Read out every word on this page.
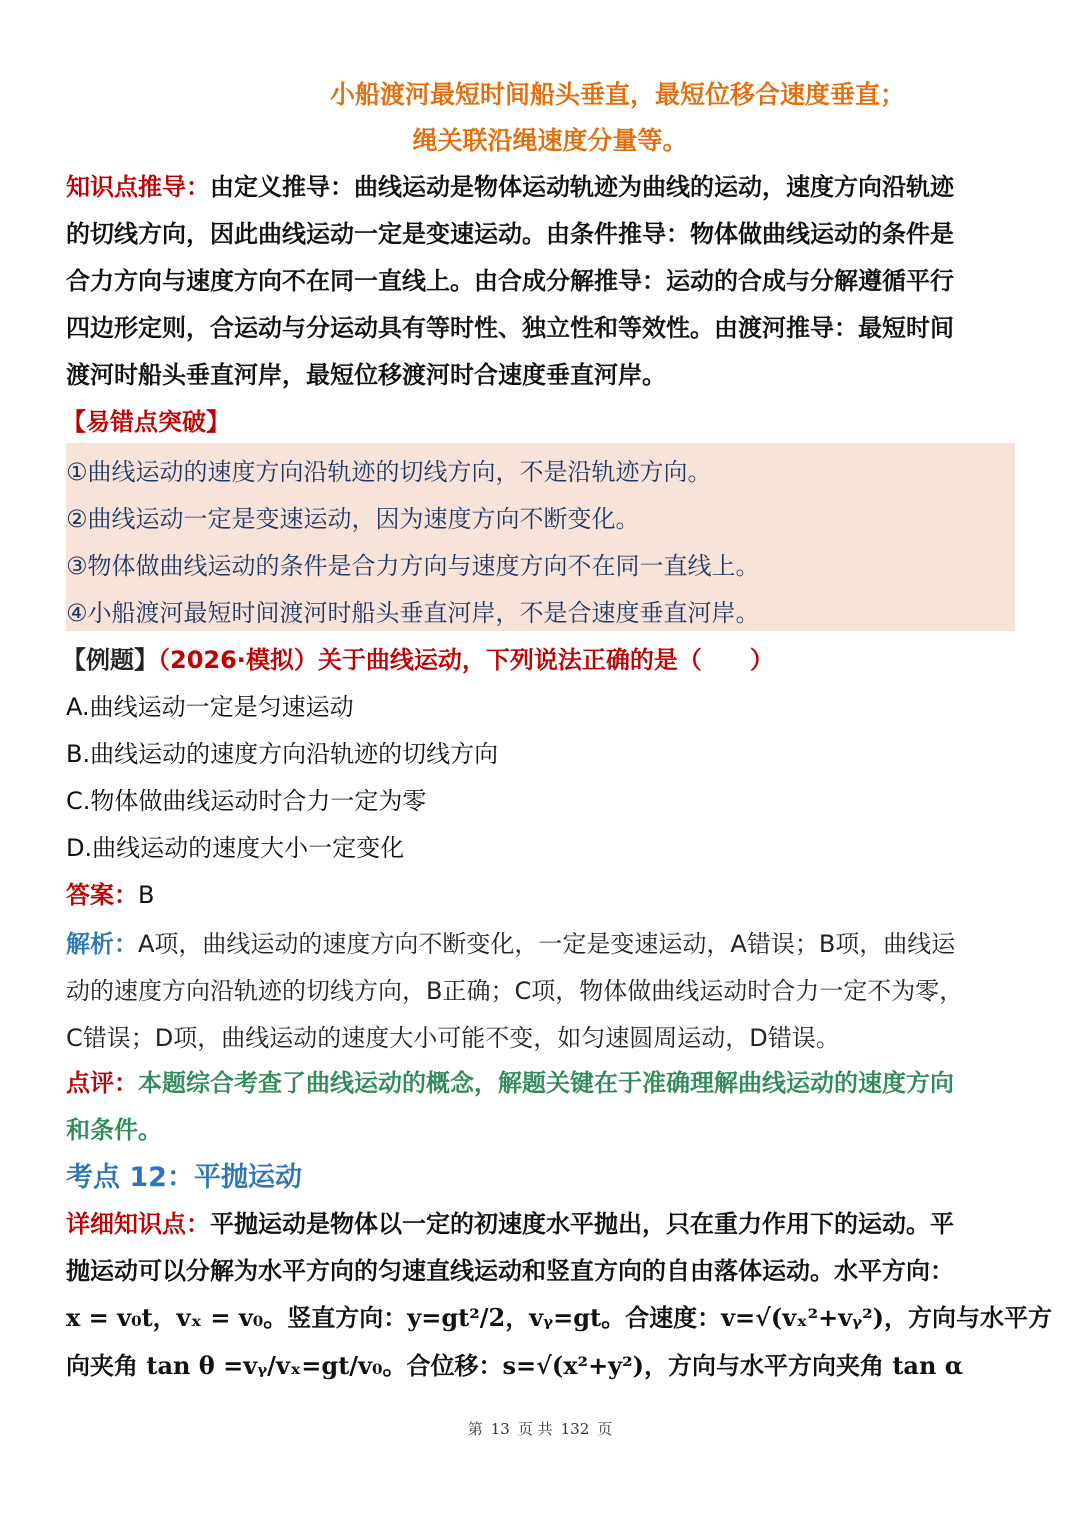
小船渡河最短时间船头垂直，最短位移合速度垂直；
绳关联沿绳速度分量等。
知识点推导：由定义推导：曲线运动是物体运动轨迹为曲线的运动，速度方向沿轨迹
的切线方向，因此曲线运动一定是变速运动。由条件推导：物体做曲线运动的条件是
合力方向与速度方向不在同一直线上。由合成分解推导：运动的合成与分解遵循平行
四边形定则，合运动与分运动具有等时性、独立性和等效性。由渡河推导：最短时间
渡河时船头垂直河岸，最短位移渡河时合速度垂直河岸。
【易错点突破】
①曲线运动的速度方向沿轨迹的切线方向，不是沿轨迹方向。
②曲线运动一定是变速运动，因为速度方向不断变化。
③物体做曲线运动的条件是合力方向与速度方向不在同一直线上。
④小船渡河最短时间渡河时船头垂直河岸，不是合速度垂直河岸。
【例题】（2026·模拟）关于曲线运动，下列说法正确的是（　　）
A.曲线运动一定是匀速运动
B.曲线运动的速度方向沿轨迹的切线方向
C.物体做曲线运动时合力一定为零
D.曲线运动的速度大小一定变化
答案：B
解析：A项，曲线运动的速度方向不断变化，一定是变速运动，A错误；B项，曲线运
动的速度方向沿轨迹的切线方向，B正确；C项，物体做曲线运动时合力一定不为零，
C错误；D项，曲线运动的速度大小可能不变，如匀速圆周运动，D错误。
点评：本题综合考查了曲线运动的概念，解题关键在于准确理解曲线运动的速度方向
和条件。
考点 12：平抛运动
详细知识点：平抛运动是物体以一定的初速度水平抛出，只在重力作用下的运动。平
抛运动可以分解为水平方向的匀速直线运动和竖直方向的自由落体运动。水平方向：
x = v₀t，vₓ = v₀。竖直方向：y=gt²/2，vᵧ=gt。合速度：v=√(vₓ²+vᵧ²)，方向与水平方
向夹角 tan θ =vᵧ/vₓ=gt/v₀。合位移：s=√(x²+y²)，方向与水平方向夹角 tan α
第 13 页 共 132 页
